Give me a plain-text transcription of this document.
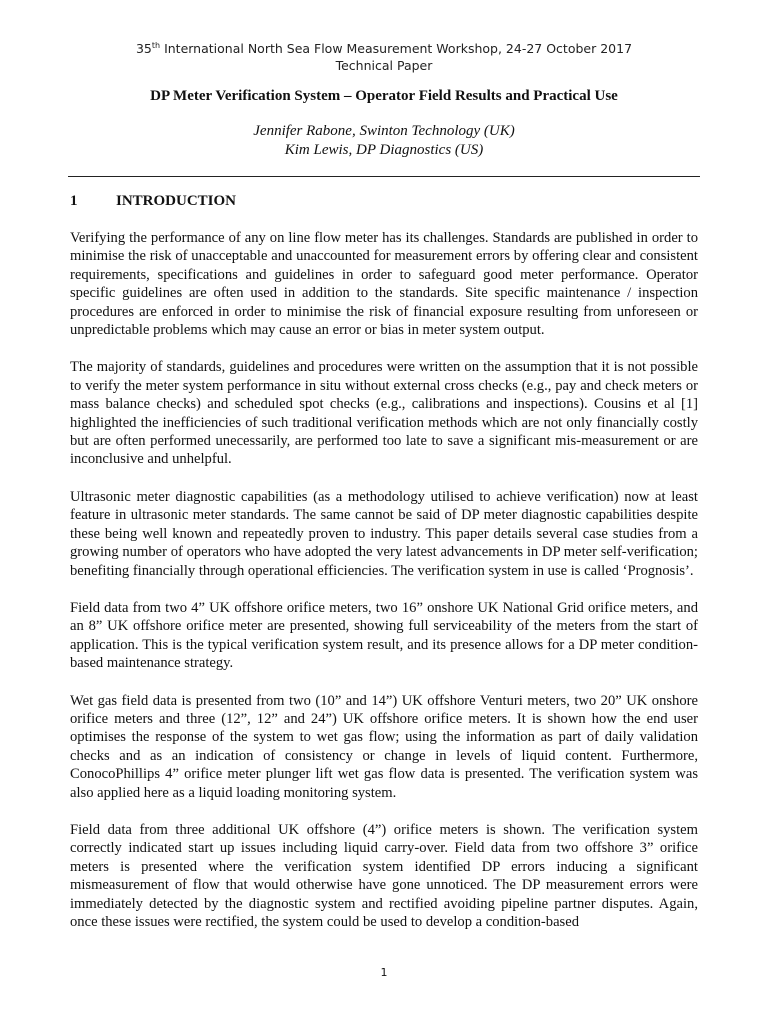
35th International North Sea Flow Measurement Workshop, 24-27 October 2017
Technical Paper
DP Meter Verification System – Operator Field Results and Practical Use
Jennifer Rabone, Swinton Technology (UK)
Kim Lewis, DP Diagnostics (US)
1	INTRODUCTION

Verifying the performance of any on line flow meter has its challenges. Standards are published in order to minimise the risk of unacceptable and unaccounted for measurement errors by offering clear and consistent requirements, specifications and guidelines in order to safeguard good meter performance. Operator specific guidelines are often used in addition to the standards. Site specific maintenance / inspection procedures are enforced in order to minimise the risk of financial exposure resulting from unforeseen or unpredictable problems which may cause an error or bias in meter system output.

The majority of standards, guidelines and procedures were written on the assumption that it is not possible to verify the meter system performance in situ without external cross checks (e.g., pay and check meters or mass balance checks) and scheduled spot checks (e.g., calibrations and inspections). Cousins et al [1] highlighted the inefficiencies of such traditional verification methods which are not only financially costly but are often performed unecessarily, are performed too late to save a significant mis-measurement or are inconclusive and unhelpful.

Ultrasonic meter diagnostic capabilities (as a methodology utilised to achieve verification) now at least feature in ultrasonic meter standards. The same cannot be said of DP meter diagnostic capabilities despite these being well known and repeatedly proven to industry. This paper details several case studies from a growing number of operators who have adopted the very latest advancements in DP meter self-verification; benefiting financially through operational efficiencies. The verification system in use is called ‘Prognosis’.

Field data from two 4” UK offshore orifice meters, two 16” onshore UK National Grid orifice meters, and an 8” UK offshore orifice meter are presented, showing full serviceability of the meters from the start of application. This is the typical verification system result, and its presence allows for a DP meter condition-based maintenance strategy.

Wet gas field data is presented from two (10” and 14”) UK offshore Venturi meters, two 20” UK onshore orifice meters and three (12”, 12” and 24”) UK offshore orifice meters. It is shown how the end user optimises the response of the system to wet gas flow; using the information as part of daily validation checks and as an indication of consistency or change in levels of liquid content. Furthermore, ConocoPhillips 4” orifice meter plunger lift wet gas flow data is presented. The verification system was also applied here as a liquid loading monitoring system.

Field data from three additional UK offshore (4”) orifice meters is shown. The verification system correctly indicated start up issues including liquid carry-over. Field data from two offshore 3” orifice meters is presented where the verification system identified DP errors inducing a significant mismeasurement of flow that would otherwise have gone unnoticed. The DP measurement errors were immediately detected by the diagnostic system and rectified avoiding pipeline partner disputes. Again, once these issues were rectified, the system could be used to develop a condition-based

1
